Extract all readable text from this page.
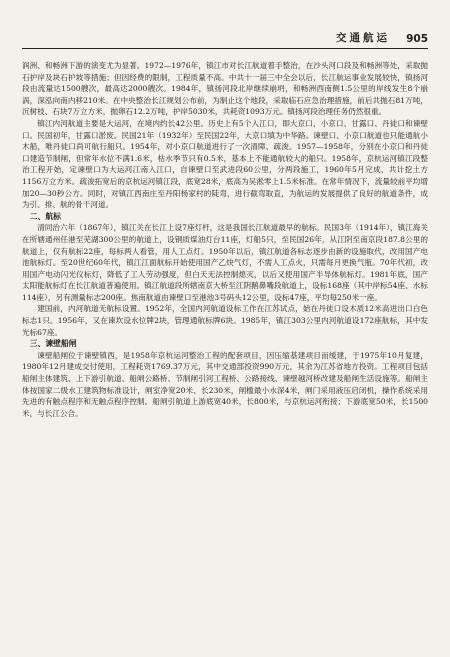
交通航运 905

润洲、和畅洲下游的演变尤为显著。1972—1976年，镇江市对长江航道着手整治，在沙头河口段及和畅洲等处，采取抛石护岸及块石护坡等措施；但因经费的限制，工程质量不高。中共十一届三中全会以后，长江航运事业发展较快，镇扬河段由流量达1500艘次，最高达2000艘次。1984年，镇扬河段北岸继续崩坍，和畅洲西南侧1.5公里的岸线发生8个崩涡，深泓向南内移210米。在中央整治长江规划公布前，为制止这个地段，采取临石应急治理措施，前后共抛石81万吨，沉树枝、石块7万立方米，抛卵石12.2万吨，护岸5030米，共耗资1093万元。镇扬河段治理任务仍然很重。

镇江内河航道主要是大运河，在境内约长42公里。历史上有5个入江口，即大京口、小京口、甘露口、丹徒口和谏壁口。民国初年，甘露口淤废。民国21年（1932年）至民国22年，大京口填为中华路。谏壁口、小京口航道也只能通航小木船，唯丹徒口尚可航行船只。1954年，对小京口航道进行了一次清障、疏浚。1957—1958年，分别在小京口和丹徒口建造节制闸，但常年水位不满1.6米，枯水季节只有0.5米，基本上不能通航较大的船只。1958年，京杭运河镇江段整治工程开始，定谏壁口为大运河江南入江口，自谏壁口至武进段60公里，分两段施工，1960年5月完成，共计挖土方1156万立方米。疏浚拓宽后的京杭运河镇江段，底宽28米，底高为吴淞零上1.5米标准。在常年情况下，流量较前平均增加20—30秒公方。同时，对镇江西南庄至丹阳杨家村的陡弯，进行截弯取直，为航运的发展提供了良好的航道条件，成为引、排、航的骨干河道。

二、航标

清同治六年（1867年），镇江关在长江上设7座灯杆，这是我国长江航道最早的航标。民国3年（1914年），镇江海关在所辖通州任港至芜湖300公里的航道上，设钢质煤油灯台11座，灯船5只，至民国26年，从江阴至南京段187.8公里的航道上，仅有航标22座，每标两人看管，用人工点灯。1950年以后，镇江航道各标志逐步由新的设施取代，改用国产电池航标灯。至20世纪60年代，镇江江面航标开始使用国产乙炔气灯，不需人工点火，只需每月更换气瓶。70年代初，改用国产电动闪光仪标灯，降低了工人劳动强度，但白天无法控制熄灭，以后又使用国产半导体航标灯。1981年底，国产太阳能航标灯在长江航道普遍使用。镇江航道段所辖南京大桥至江阴鹅鼻嘴段航道上，设标168座（其中岸标54座、水标114座），另有测量标志200座。焦南航道由谏壁口至港池3号码头12公里，设标47座，平均每250米一座。

建国前，内河航道无航标设置。1952年，全国内河航道设标工作在江苏试点，始在丹徒口设木质12米高进出口白色标志1只。1956年，又在谏坎设水位牌2块，管理通航标牌6块。1985年，镇江303公里内河航道设172座航标，其中发光标67座。

三、谏壁船闸

谏壁船闸位于谏壁镇西，是1958年京杭运河整治工程的配套项目，因压缩基建项目而缓建，于1975年10月复建，1980年12月建成交付使用，工程耗资1769.37万元，其中交通部投资990万元，其余为江苏省地方投资。工程项目包括船闸主体建筑、上下游引航道、船闸公路桥、节制闸引河工程桥、公路接线、谏壁越河桥改建及船闸生活设施等。船闸主体按国家二级水工建筑物标准设计，闸室净宽20米、长230米，闸槛最小水深4米，闸门采用液压启闭机，操作系统采用先进的有触点程序和无触点程序控制。船闸引航道上游底宽40米，长800米，与京杭运河衔接；下游底宽50米，长1500米，与长江公合。
